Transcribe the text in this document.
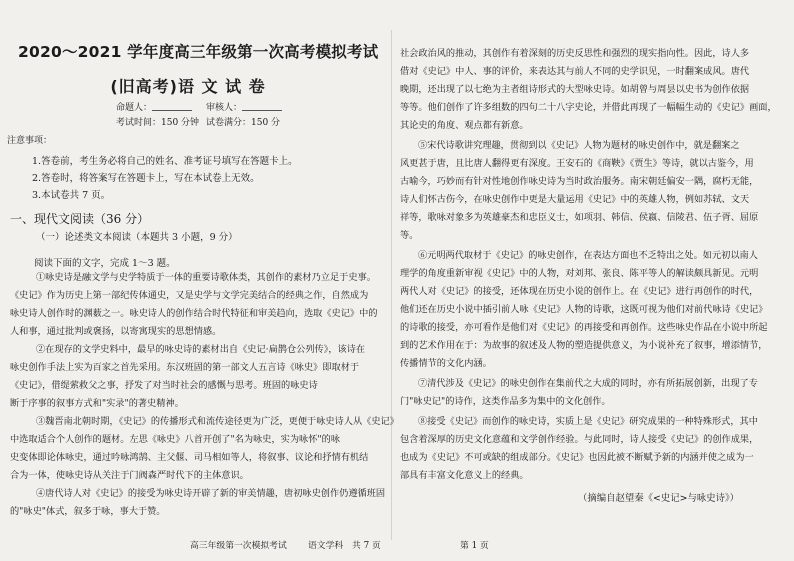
2020～2021 学年度高三年级第一次高考模拟考试
(旧高考)语 文 试 卷
命题人：	审核人：
考试时间：150 分钟 试卷满分：150 分
注意事项：
1.答卷前，考生务必将自己的姓名、准考证号填写在答题卡上。
2.答卷时，将答案写在答题卡上，写在本试卷上无效。
3.本试卷共 7 页。
一、现代文阅读（36 分）
（一）论述类文本阅读（本题共 3 小题，9 分）
阅读下面的文字，完成 1～3 题。
①咏史诗是融文学与史学特质于一体的重要诗歌体类，其创作的素材乃立足于史事。
《史记》作为历史上第一部纪传体通史，又是史学与文学完美结合的经典之作，自然成为
咏史诗人创作时的渊薮之一。咏史诗人的创作结合时代特征和审美趋向，选取《史记》中的
人和事，通过批判或褒扬，以寄寓现实的思想情感。
②在现存的文学史料中，最早的咏史诗的素材出自《史记·扁鹊仓公列传》，该诗在
咏史创作手法上实为百家之首先采用。东汉班固的第一部文人五言诗《咏史》即取材于
《史记》，借缇萦救父之事，抒发了对当时社会的感慨与思考。班固的咏史诗
断于序事的叙事方式和"实录"的著史精神。
③魏晋南北朝时期，《史记》的传播形式和流传途径更为广泛，更便于咏史诗人从《史记》
中选取适合个人创作的题材。左思《咏史》八首开创了"名为咏史，实为咏怀"的咏
史变体即论体咏史，通过吟咏鸿鹄、主父偃、司马相如等人，将叙事、议论和抒情有机结
合为一体，使咏史诗从关注于门阀森严时代下的主体意识。
④唐代诗人对《史记》的接受为咏史诗开辟了新的审美情趣，唐初咏史创作仍遵循班固
的"咏史"体式，叙多于咏，事大于赞。
高三年级第一次模拟考试 语文学科　共 7 页
社会政治风的推动，其创作有着深刻的历史反思性和强烈的现实指向性。因此，诗人多
借对《史记》中人、事的评价，来表达其与前人不同的史学识见，一时翻案成风。唐代
晚期，还出现了以七绝为主者组诗形式的大型咏史诗。如胡曾与周昙以史书为创作依据
等等。他们创作了许多组数的四句二十八字史论，并借此再现了一幅幅生动的《史记》画面，
其论史的角度、观点都有新意。
⑤宋代诗歌讲究理趣，贯彻到以《史记》人物为题材的咏史创作中，就是翻案之
风更甚于唐，且比唐人翻得更有深度。王安石的《商鞅》《贾生》等诗，就以古鉴今，用
古喻今，巧妙而有针对性地创作咏史诗为当时政治服务。南宋朝廷偏安一隅，腐朽无能，
诗人们怀古伤今，在咏史创作中更是大量运用《史记》中的英雄人物，例如苏轼、文天
祥等，歌咏对象多为英雄豪杰和忠臣义士，如项羽、韩信、侯嬴、信陵君、伍子胥、屈原
等。
⑥元明两代取材于《史记》的咏史创作，在表达方面也不乏特出之处。如元初以南人
理学的角度重新审视《史记》中的人物，对刘邦、张良、陈平等人的解读颇具新见。元明
两代人对《史记》的接受，还体现在历史小说的创作上。在《史记》进行再创作的时代，
他们还在历史小说中插引前人咏《史记》人物的诗歌，这既可视为他们对前代咏诗《史记》
的诗歌的接受，亦可看作是他们对《史记》的再接受和再创作。这些咏史作品在小说中所起
到的艺术作用在于：为故事的叙述及人物的塑造提供意义，为小说补充了叙事，增添情节，
传播情节的文化内涵。
⑦清代涉及《史记》的咏史创作在集前代之大成的同时，亦有所拓展创新，出现了专
门"咏史记"的诗作，这类作品多为集中的文化创作。
⑧接受《史记》而创作的咏史诗，实质上是《史记》研究成果的一种特殊形式，其中
包含着深厚的历史文化意蕴和文学创作经验。与此同时，诗人接受《史记》的创作成果，
也成为《史记》不可或缺的组成部分。《史记》也因此被不断赋予新的内涵并使之成为一
部具有丰富文化意义上的经典。
第 1 页
（摘编自赵望秦《<史记>与咏史诗》）
